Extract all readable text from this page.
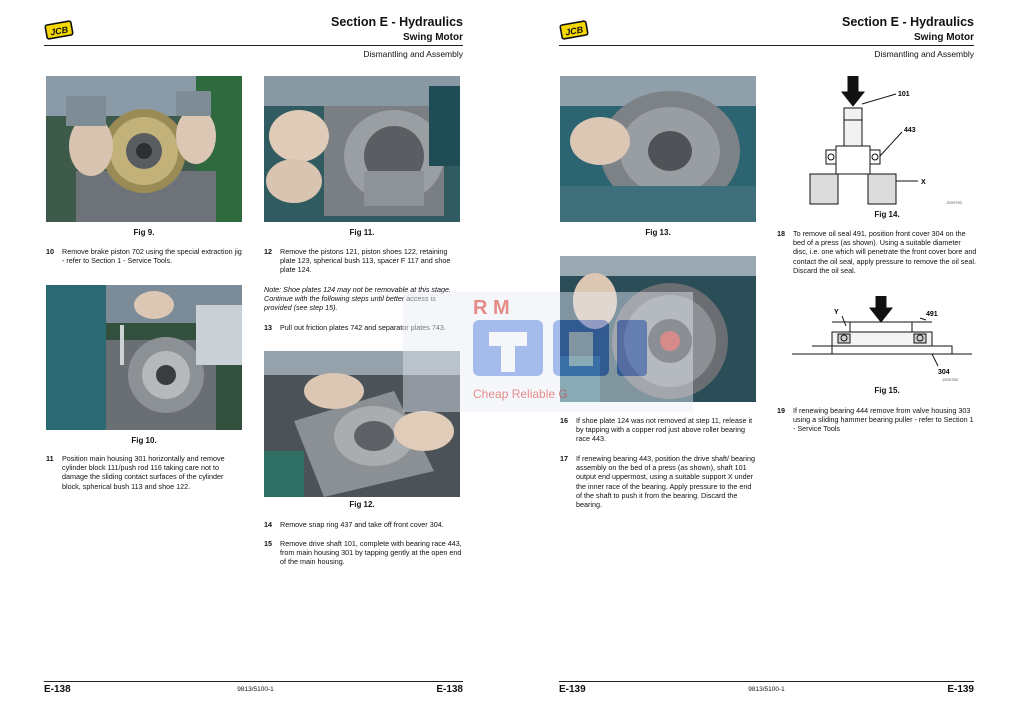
JCB
Section E - Hydraulics
Swing Motor
Dismantling and Assembly
Fig 9.
10 Remove brake piston 702 using the special extraction jig - refer to Section 1 - Service Tools.
Fig 10.
11 Position main housing 301 horizontally and remove cylinder block 111/push rod 116 taking care not to damage the sliding contact surfaces of the cylinder block, spherical bush 113 and shoe 122.
Fig 11.
12 Remove the pistons 121, piston shoes 122, retaining plate 123, spherical bush 113, spacer F 117 and shoe plate 124.
Note: Shoe plates 124 may not be removable at this stage. Continue with the following steps until better access is provided (see step 15).
13 Pull out friction plates 742 and separator plates 743.
Fig 12.
14 Remove snap ring 437 and take off front cover 304.
15 Remove drive shaft 101, complete with bearing race 443, from main housing 301 by tapping gently at the open end of the main housing.
E-138	9813/5100-1	E-138
JCB
Section E - Hydraulics
Swing Motor
Dismantling and Assembly
Fig 13.
16 If shoe plate 124 was not removed at step 11, release it by tapping with a copper rod just above roller bearing race 443.
17 If renewing bearing 443, position the drive shaft/ bearing assembly on the bed of a press (as shown), shaft 101 output end uppermost, using a suitable support X under the inner race of the bearing. Apply pressure to the end of the shaft to push it from the bearing. Discard the bearing.
101
443
X
JS09790
Fig 14.
18 To remove oil seal 491, position front cover 304 on the bed of a press (as shown). Using a suitable diameter disc, i.e. one which will penetrate the front cover bore and contact the oil seal, apply pressure to remove the oil seal. Discard the oil seal.
Y	491
304
JS09780
Fig 15.
19 If renewing bearing 444 remove from valve housing 303 using a sliding hammer bearing puller - refer to Section 1 - Service Tools
E-139	9813/5100-1	E-139
R M
Cheap Reliable G
